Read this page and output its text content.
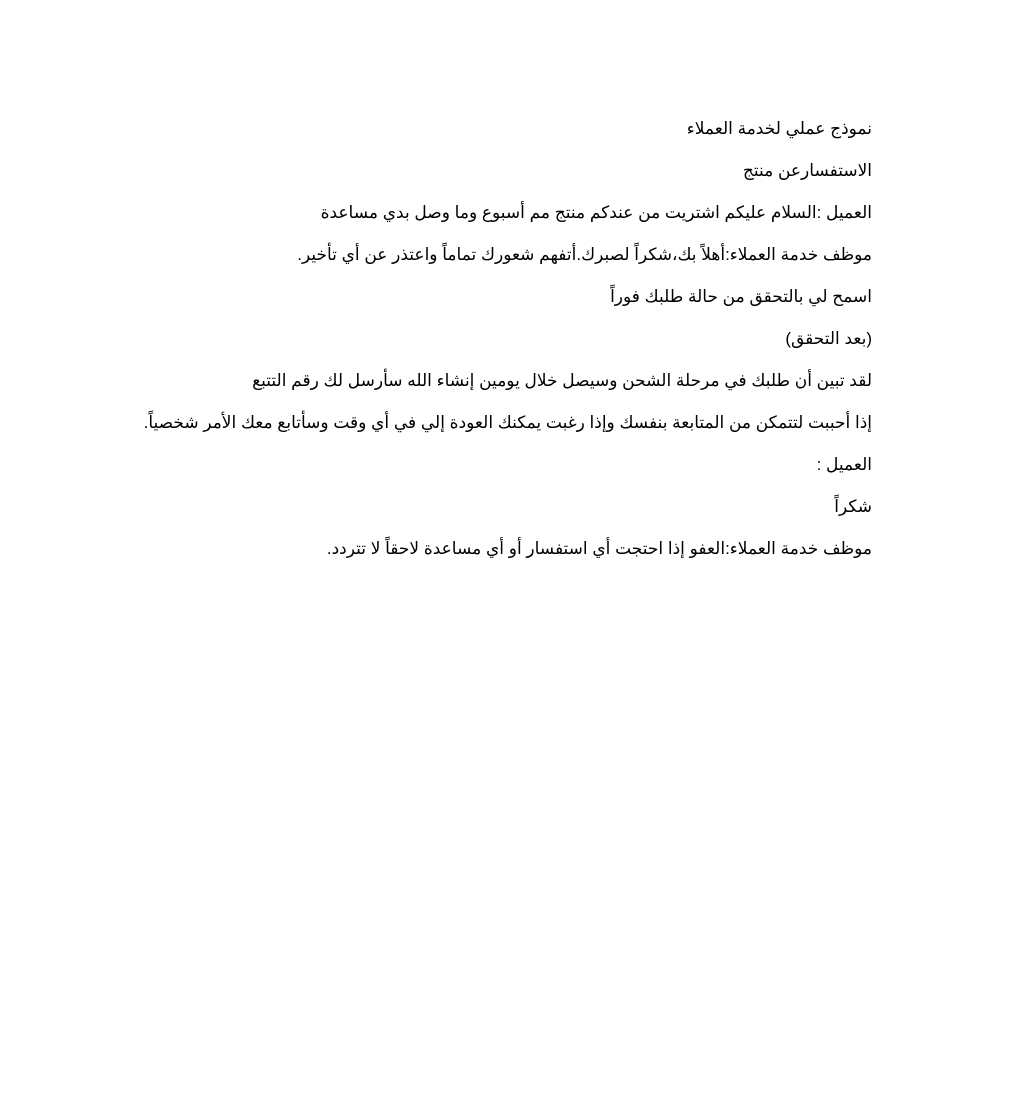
نموذج عملي لخدمة العملاء

الاستفسارعن منتج

العميل :السلام عليكم اشتريت من عندكم منتج مم أسبوع وما وصل بدي مساعدة

موظف خدمة العملاء:أهلاً بك،شكراً لصبرك.أتفهم شعورك تماماً واعتذر عن أي تأخير.

اسمح لي بالتحقق من حالة طلبك فوراً

(بعد التحقق)

لقد تبين أن طلبك في مرحلة الشحن وسيصل خلال يومين إنشاء الله سأرسل لك رقم التتبع

إذا أحببت لتتمكن من المتابعة بنفسك وإذا رغبت يمكنك العودة إلي في أي وقت وسأتابع معك الأمر شخصياً.

العميل :

شكراً

موظف خدمة العملاء:العفو إذا احتجت أي استفسار أو أي مساعدة لاحقاً لا تتردد.
